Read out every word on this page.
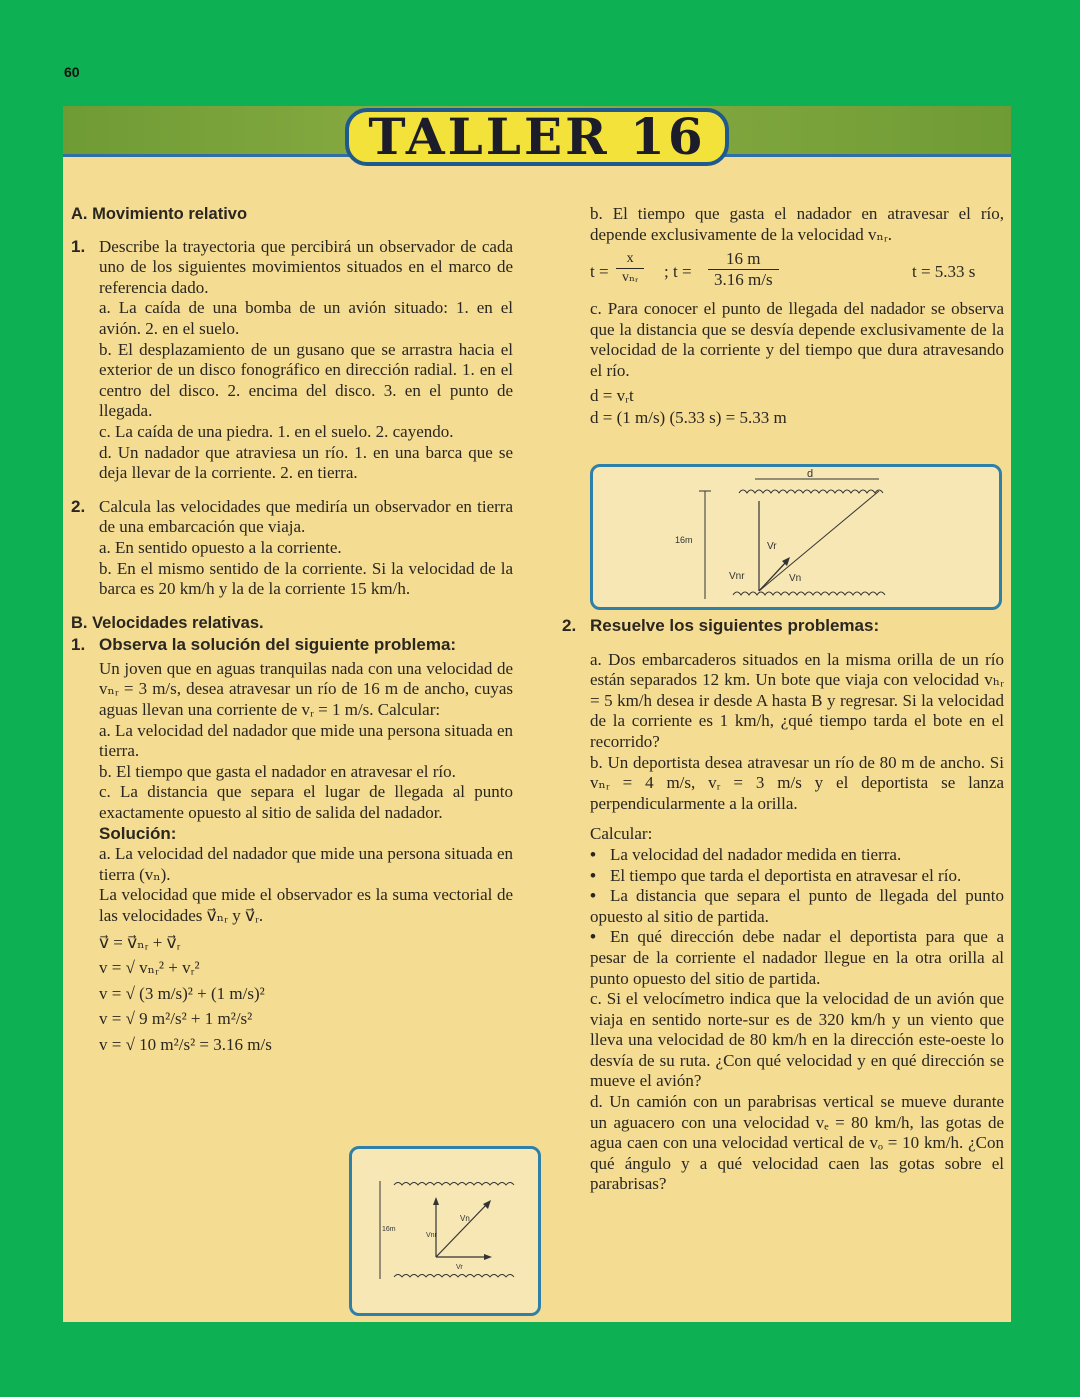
60
TALLER 16

A. Movimiento relativo

1. Describe la trayectoria que percibirá un observador de cada uno de los siguientes movimientos situados en el marco de referencia dado.

a. La caída de una bomba de un avión situado: 1. en el avión. 2. en el suelo.

b. El desplazamiento de un gusano que se arrastra hacia el exterior de un disco fonográfico en dirección radial. 1. en el centro del disco. 2. encima del disco. 3. en el punto de llegada.

c. La caída de una piedra. 1. en el suelo. 2. cayendo.

d. Un nadador que atraviesa un río. 1. en una barca que se deja llevar de la corriente. 2. en tierra.

2. Calcula las velocidades que mediría un observador en tierra de una embarcación que viaja.

a. En sentido opuesto a la corriente.

b. En el mismo sentido de la corriente. Si la velocidad de la barca es 20 km/h y la de la corriente 15 km/h.

B. Velocidades relativas.

1. Observa la solución del siguiente problema:

Un joven que en aguas tranquilas nada con una velocidad de vₙᵣ = 3 m/s, desea atravesar un río de 16 m de ancho, cuyas aguas llevan una corriente de vᵣ = 1 m/s. Calcular:

a. La velocidad del nadador que mide una persona situada en tierra.

b. El tiempo que gasta el nadador en atravesar el río.

c. La distancia que separa el lugar de llegada al punto exactamente opuesto al sitio de salida del nadador.

Solución:

a. La velocidad del nadador que mide una persona situada en tierra (vₙ).

La velocidad que mide el observador es la suma vectorial de las velocidades v⃗ₙᵣ y v⃗ᵣ.

v⃗ = v⃗ₙᵣ + v⃗ᵣ

v = √ vₙᵣ² + vᵣ²

v = √ (3 m/s)² + (1 m/s)²

v = √ 9 m²/s² + 1 m²/s²

v = √ 10 m²/s² = 3.16 m/s

16m
Vn
Vnr
Vr

b. El tiempo que gasta el nadador en atravesar el río, depende exclusivamente de la velocidad vₙᵣ.

t =
x
vₙᵣ	; $t = \frac{16 m}{3.16 m/s}$	t = 5.33 s

c. Para conocer el punto de llegada del nadador se observa que la distancia que se desvía depende exclusivamente de la velocidad de la corriente y del tiempo que dura atravesando el río.

d = vᵣt

d = (1 m/s) (5.33 s) = 5.33 m

d
16m
Vr
Vnr	Vn
2. Resuelve los siguientes problemas:

a. Dos embarcaderos situados en la misma orilla de un río están separados 12 km. Un bote que viaja con velocidad vₕᵣ = 5 km/h desea ir desde A hasta B y regresar. Si la velocidad de la corriente es 1 km/h, ¿qué tiempo tarda el bote en el recorrido?

b. Un deportista desea atravesar un río de 80 m de ancho. Si vₙᵣ = 4 m/s, vᵣ = 3 m/s y el deportista se lanza perpendicularmente a la orilla.

Calcular:

• La velocidad del nadador medida en tierra.

• El tiempo que tarda el deportista en atravesar el río.

• La distancia que separa el punto de llegada del punto opuesto al sitio de partida.

• En qué dirección debe nadar el deportista para que a pesar de la corriente el nadador llegue en la otra orilla al punto opuesto del sitio de partida.

c. Si el velocímetro indica que la velocidad de un avión que viaja en sentido norte-sur es de 320 km/h y un viento que lleva una velocidad de 80 km/h en la dirección este-oeste lo desvía de su ruta. ¿Con qué velocidad y en qué dirección se mueve el avión?

d. Un camión con un parabrisas vertical se mueve durante un aguacero con una velocidad vₑ = 80 km/h, las gotas de agua caen con una velocidad vertical de vₒ = 10 km/h. ¿Con qué ángulo y a qué velocidad caen las gotas sobre el parabrisas?
